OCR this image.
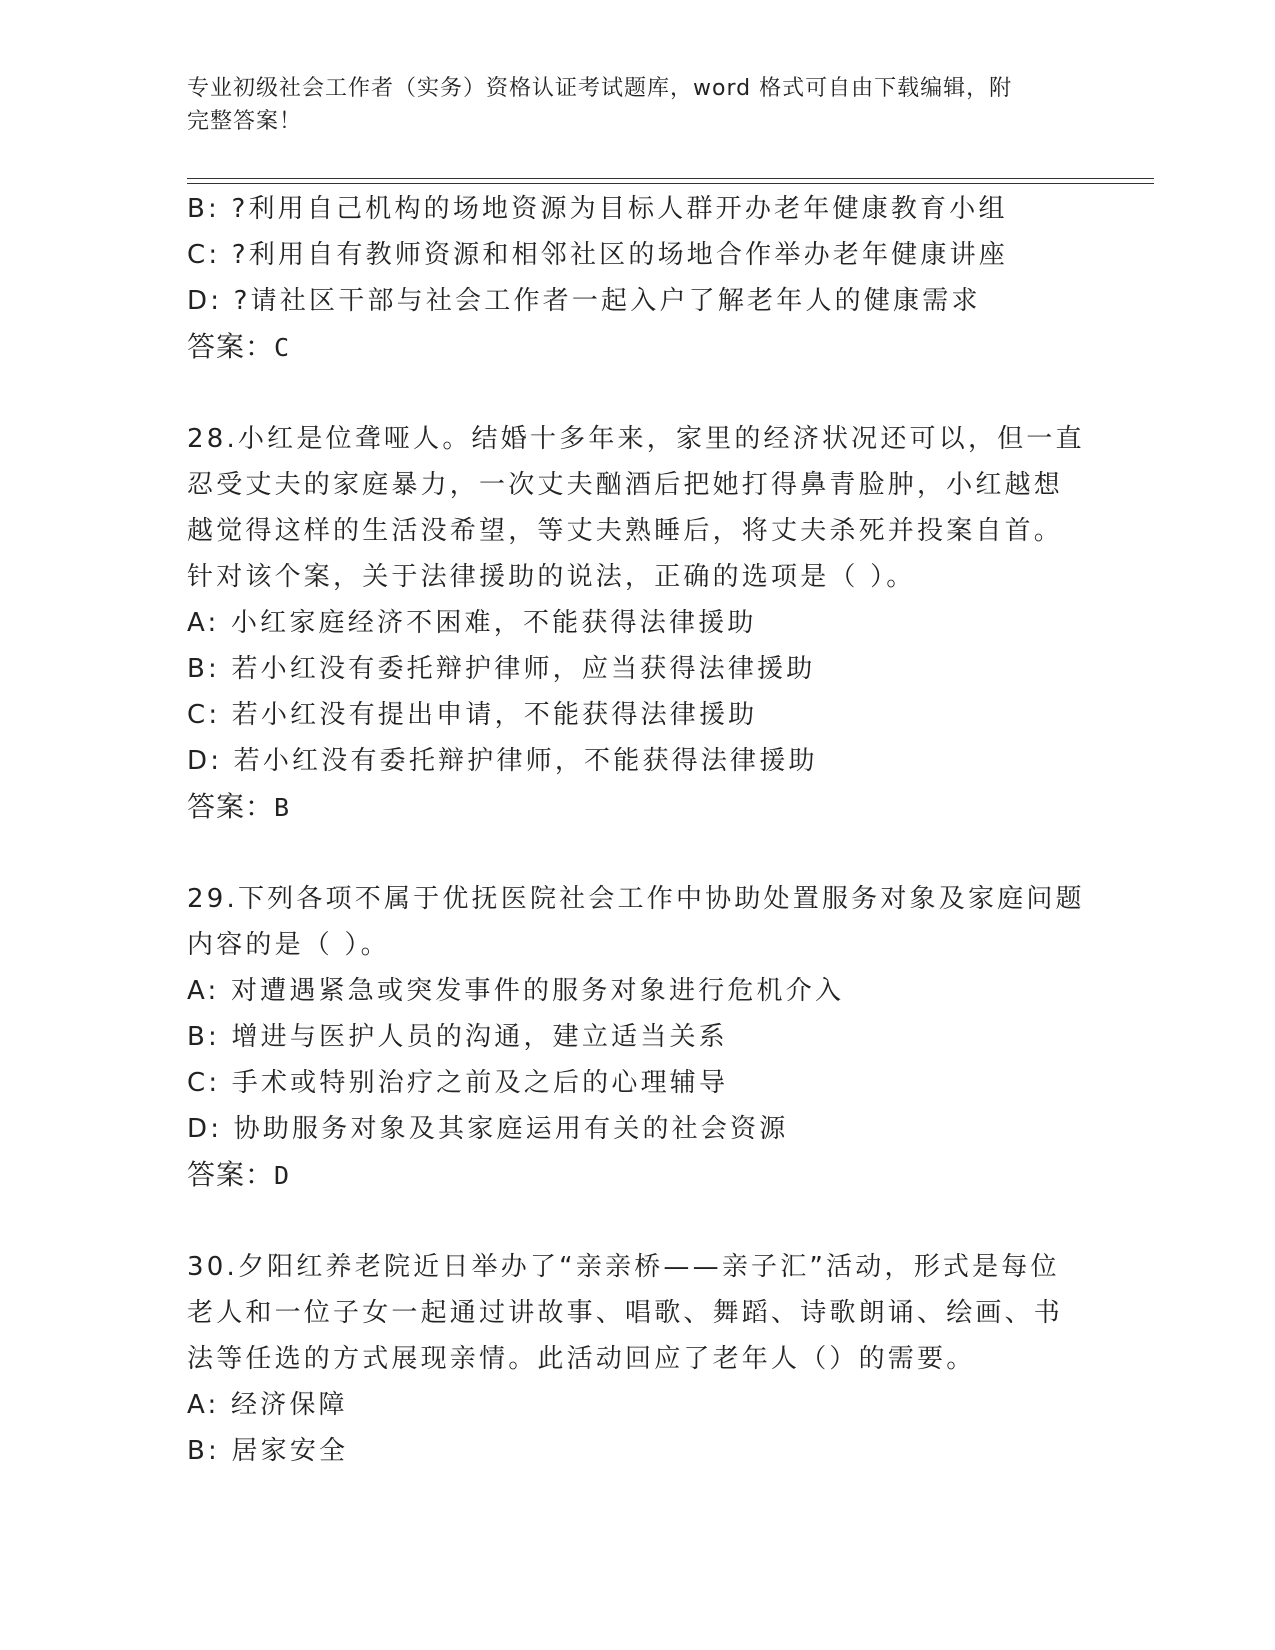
专业初级社会工作者（实务）资格认证考试题库，word 格式可自由下载编辑，附
完整答案！
B: ?利用自己机构的场地资源为目标人群开办老年健康教育小组
C: ?利用自有教师资源和相邻社区的场地合作举办老年健康讲座
D: ?请社区干部与社会工作者一起入户了解老年人的健康需求
答案：C
28.小红是位聋哑人。结婚十多年来，家里的经济状况还可以，但一直
忍受丈夫的家庭暴力，一次丈夫酗酒后把她打得鼻青脸肿，小红越想
越觉得这样的生活没希望，等丈夫熟睡后，将丈夫杀死并投案自首。
针对该个案，关于法律援助的说法，正确的选项是（ ）。
A: 小红家庭经济不困难，不能获得法律援助
B: 若小红没有委托辩护律师，应当获得法律援助
C: 若小红没有提出申请，不能获得法律援助
D: 若小红没有委托辩护律师，不能获得法律援助
答案：B
29.下列各项不属于优抚医院社会工作中协助处置服务对象及家庭问题
内容的是（ ）。
A: 对遭遇紧急或突发事件的服务对象进行危机介入
B: 增进与医护人员的沟通，建立适当关系
C: 手术或特别治疗之前及之后的心理辅导
D: 协助服务对象及其家庭运用有关的社会资源
答案：D
30.夕阳红养老院近日举办了“亲亲桥——亲子汇”活动，形式是每位
老人和一位子女一起通过讲故事、唱歌、舞蹈、诗歌朗诵、绘画、书
法等任选的方式展现亲情。此活动回应了老年人（）的需要。
A: 经济保障
B: 居家安全
